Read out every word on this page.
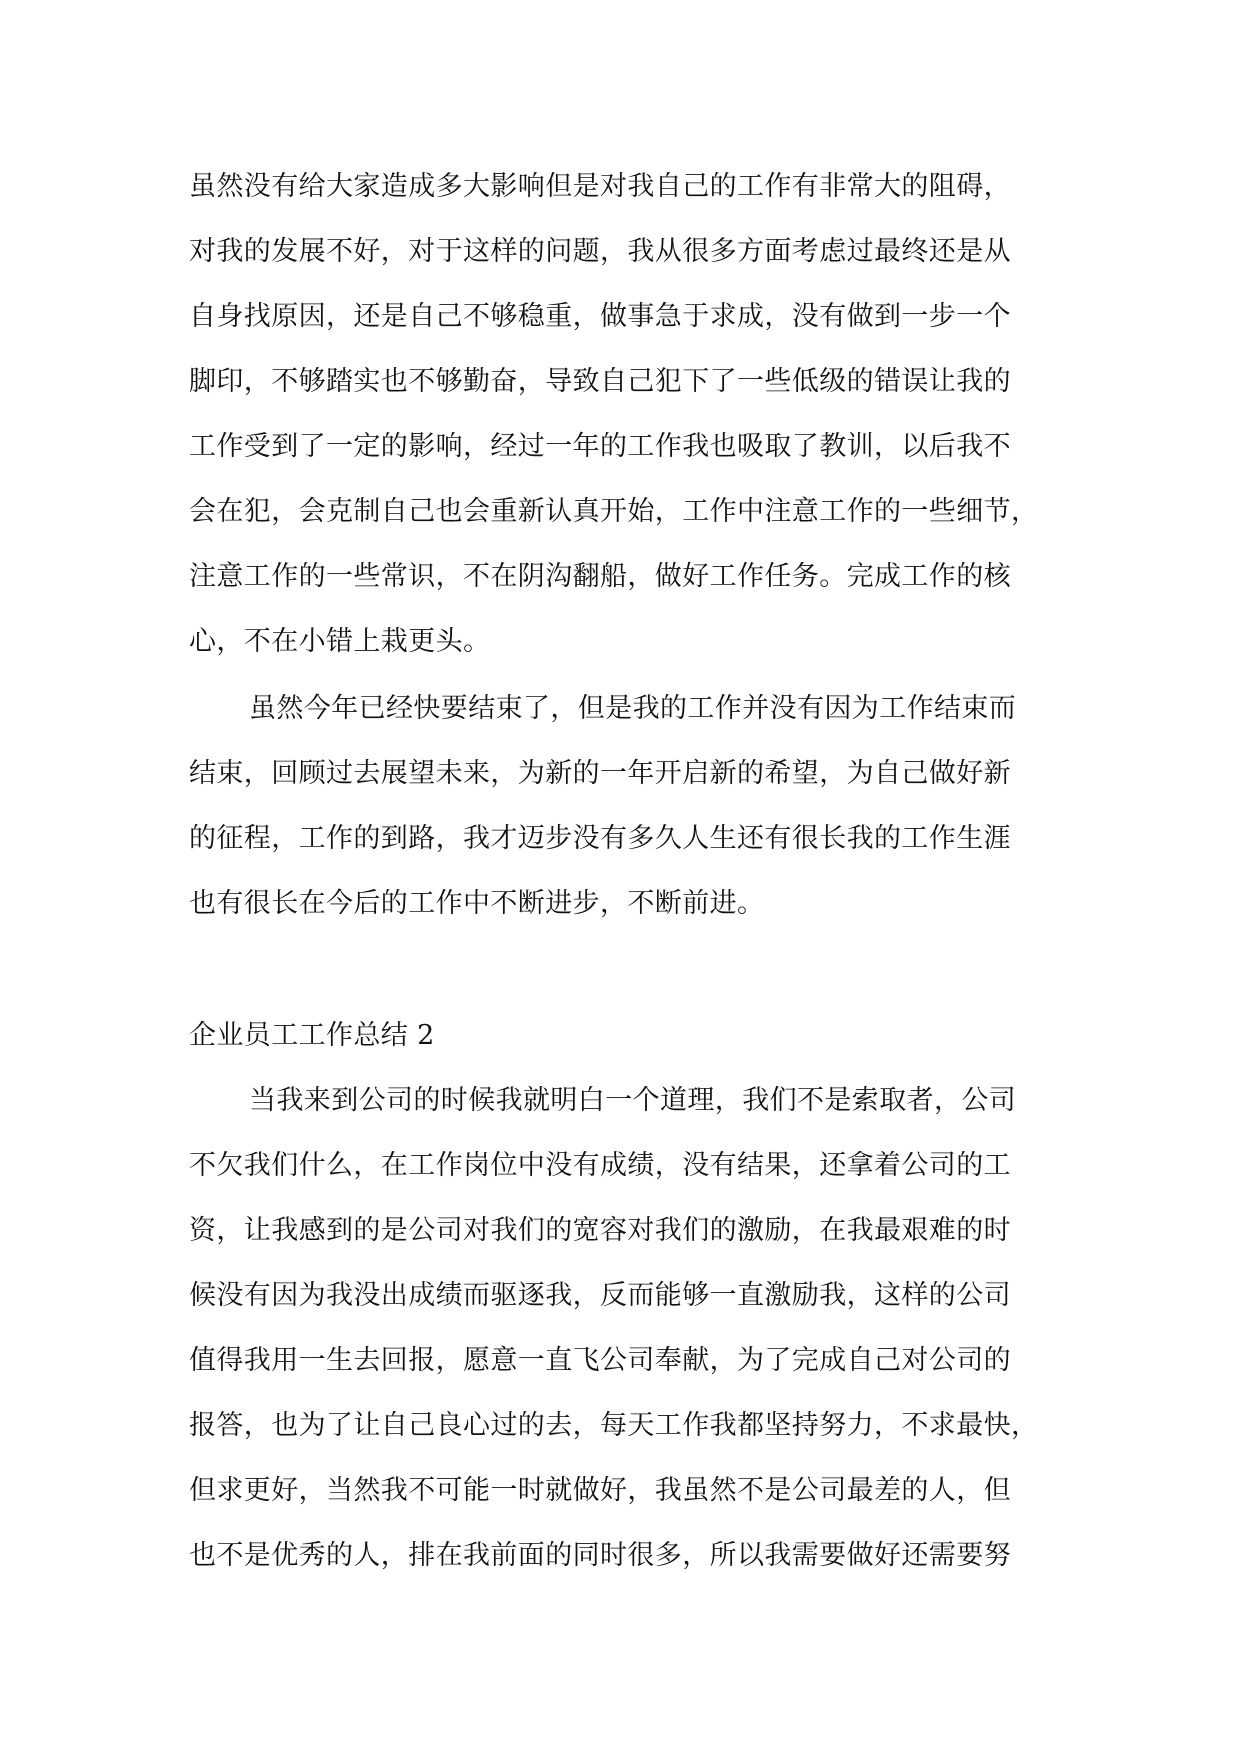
虽然没有给大家造成多大影响但是对我自己的工作有非常大的阻碍，
对我的发展不好，对于这样的问题，我从很多方面考虑过最终还是从
自身找原因，还是自己不够稳重，做事急于求成，没有做到一步一个
脚印，不够踏实也不够勤奋，导致自己犯下了一些低级的错误让我的
工作受到了一定的影响，经过一年的工作我也吸取了教训，以后我不
会在犯，会克制自己也会重新认真开始，工作中注意工作的一些细节，
注意工作的一些常识，不在阴沟翻船，做好工作任务。完成工作的核
心，不在小错上栽更头。
虽然今年已经快要结束了，但是我的工作并没有因为工作结束而
结束，回顾过去展望未来，为新的一年开启新的希望，为自己做好新
的征程，工作的到路，我才迈步没有多久人生还有很长我的工作生涯
也有很长在今后的工作中不断进步，不断前进。
企业员工工作总结 2
当我来到公司的时候我就明白一个道理，我们不是索取者，公司
不欠我们什么，在工作岗位中没有成绩，没有结果，还拿着公司的工
资，让我感到的是公司对我们的宽容对我们的激励，在我最艰难的时
候没有因为我没出成绩而驱逐我，反而能够一直激励我，这样的公司
值得我用一生去回报，愿意一直飞公司奉献，为了完成自己对公司的
报答，也为了让自己良心过的去，每天工作我都坚持努力，不求最快，
但求更好，当然我不可能一时就做好，我虽然不是公司最差的人，但
也不是优秀的人，排在我前面的同时很多，所以我需要做好还需要努
